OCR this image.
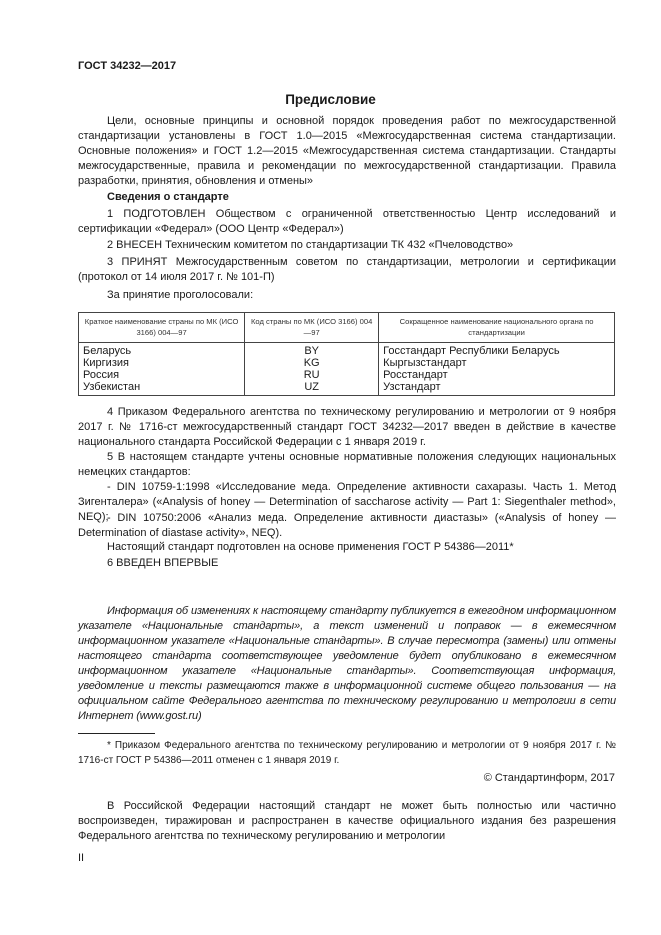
ГОСТ 34232—2017
Предисловие
Цели, основные принципы и основной порядок проведения работ по межгосударственной стандартизации установлены в ГОСТ 1.0—2015 «Межгосударственная система стандартизации. Основные положения» и ГОСТ 1.2—2015 «Межгосударственная система стандартизации. Стандарты межгосударственные, правила и рекомендации по межгосударственной стандартизации. Правила разработки, принятия, обновления и отмены»
Сведения о стандарте
1 ПОДГОТОВЛЕН Обществом с ограниченной ответственностью Центр исследований и сертификации «Федерал» (ООО Центр «Федерал»)
2 ВНЕСЕН Техническим комитетом по стандартизации ТК 432 «Пчеловодство»
3 ПРИНЯТ Межгосударственным советом по стандартизации, метрологии и сертификации (протокол от 14 июля 2017 г. № 101-П)
За принятие проголосовали:
Краткое наименование страны по МК (ИСО 3166) 004—97	Код страны по МК (ИСО 3166) 004—97	Сокращенное наименование национального органа по стандартизации
Беларусь	BY	Госстандарт Республики Беларусь
Киргизия	KG	Кыргызстандарт
Россия	RU	Росстандарт
Узбекистан	UZ	Узстандарт
4 Приказом Федерального агентства по техническому регулированию и метрологии от 9 ноября 2017 г. № 1716-ст межгосударственный стандарт ГОСТ 34232—2017 введен в действие в качестве национального стандарта Российской Федерации с 1 января 2019 г.
5 В настоящем стандарте учтены основные нормативные положения следующих национальных немецких стандартов:
- DIN 10759-1:1998 «Исследование меда. Определение активности сахаразы. Часть 1. Метод Зигенталера» («Analysis of honey — Determination of saccharose activity — Part 1: Siegenthaler method», NEQ);
- DIN 10750:2006 «Анализ меда. Определение активности диастазы» («Analysis of honey — Determination of diastase activity», NEQ).
Настоящий стандарт подготовлен на основе применения ГОСТ Р 54386—2011*
6 ВВЕДЕН ВПЕРВЫЕ
Информация об изменениях к настоящему стандарту публикуется в ежегодном информационном указателе «Национальные стандарты», а текст изменений и поправок — в ежемесячном информационном указателе «Национальные стандарты». В случае пересмотра (замены) или отмены настоящего стандарта соответствующее уведомление будет опубликовано в ежемесячном информационном указателе «Национальные стандарты». Соответствующая информация, уведомление и тексты размещаются также в информационной системе общего пользования — на официальном сайте Федерального агентства по техническому регулированию и метрологии в сети Интернет (www.gost.ru)
* Приказом Федерального агентства по техническому регулированию и метрологии от 9 ноября 2017 г. № 1716-ст ГОСТ Р 54386—2011 отменен с 1 января 2019 г.
© Стандартинформ, 2017
В Российской Федерации настоящий стандарт не может быть полностью или частично воспроизведен, тиражирован и распространен в качестве официального издания без разрешения Федерального агентства по техническому регулированию и метрологии
II
